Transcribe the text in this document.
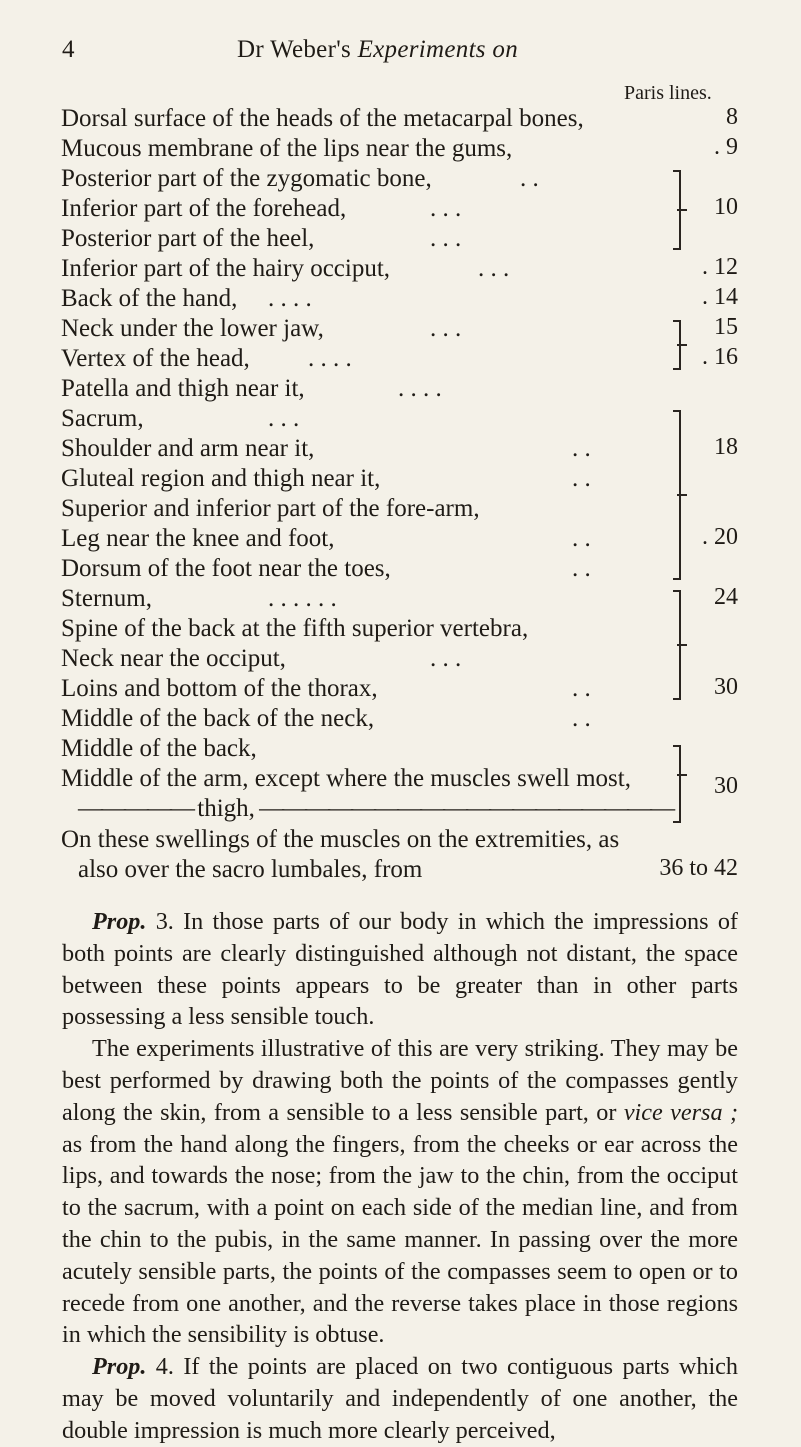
4	Dr Weber's Experiments on
Paris lines.
Dorsal surface of the heads of the metacarpal bones,
Mucous membrane of the lips near the gums,
Posterior part of the zygomatic bone,
Inferior part of the forehead,
Posterior part of the heel,
Inferior part of the hairy occiput,
Back of the hand,
Neck under the lower jaw,
Vertex of the head,
Patella and thigh near it,
Sacrum,
Shoulder and arm near it,
Gluteal region and thigh near it,
Superior and inferior part of the fore-arm,
Leg near the knee and foot,
Dorsum of the foot near the toes,
Sternum,
Spine of the back at the fifth superior vertebra,
Neck near the occiput,
Loins and bottom of the thorax,
Middle of the back of the neck,
. .
. . .
. . .
. . .
. . . .
. . .
. . . .
. . . .
. . .
. .
. .
. .
. .
. . . . . .
. . .
. .
. .
8
. 9
10
. 12
. 14
15
. 16
18
. 20
24
30
Middle of the back,
Middle of the arm, except where the muscles swell most,
————— thigh, ——————————————————
30
On these swellings of the muscles on the extremities, as
also over the sacro lumbales, from	36 to 42

Prop. 3. In those parts of our body in which the impressions of both points are clearly distinguished although not distant, the space between these points appears to be greater than in other parts possessing a less sensible touch.

The experiments illustrative of this are very striking. They may be best performed by drawing both the points of the compasses gently along the skin, from a sensible to a less sensible part, or vice versa ; as from the hand along the fingers, from the cheeks or ear across the lips, and towards the nose; from the jaw to the chin, from the occiput to the sacrum, with a point on each side of the median line, and from the chin to the pubis, in the same manner. In passing over the more acutely sensible parts, the points of the compasses seem to open or to recede from one another, and the reverse takes place in those regions in which the sensibility is obtuse.

Prop. 4. If the points are placed on two contiguous parts which may be moved voluntarily and independently of one another, the double impression is much more clearly perceived,
